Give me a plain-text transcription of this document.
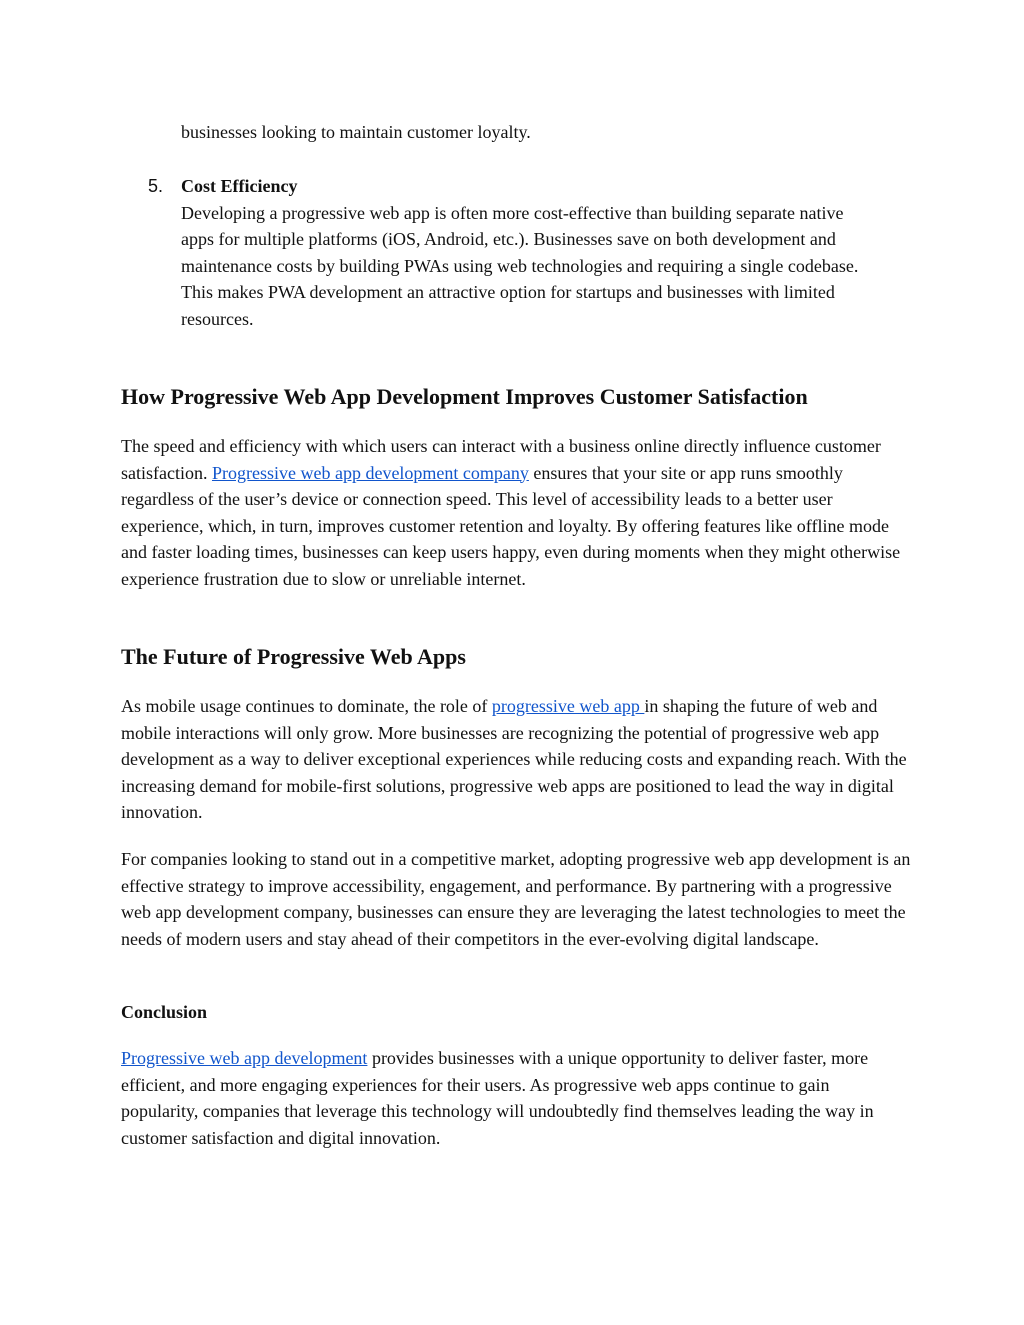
businesses looking to maintain customer loyalty.

5. Cost Efficiency
Developing a progressive web app is often more cost-effective than building separate native apps for multiple platforms (iOS, Android, etc.). Businesses save on both development and maintenance costs by building PWAs using web technologies and requiring a single codebase. This makes PWA development an attractive option for startups and businesses with limited resources.
How Progressive Web App Development Improves Customer Satisfaction

The speed and efficiency with which users can interact with a business online directly influence customer satisfaction. Progressive web app development company ensures that your site or app runs smoothly regardless of the user’s device or connection speed. This level of accessibility leads to a better user experience, which, in turn, improves customer retention and loyalty. By offering features like offline mode and faster loading times, businesses can keep users happy, even during moments when they might otherwise experience frustration due to slow or unreliable internet.

The Future of Progressive Web Apps

As mobile usage continues to dominate, the role of progressive web app in shaping the future of web and mobile interactions will only grow. More businesses are recognizing the potential of progressive web app development as a way to deliver exceptional experiences while reducing costs and expanding reach. With the increasing demand for mobile-first solutions, progressive web apps are positioned to lead the way in digital innovation.

For companies looking to stand out in a competitive market, adopting progressive web app development is an effective strategy to improve accessibility, engagement, and performance. By partnering with a progressive web app development company, businesses can ensure they are leveraging the latest technologies to meet the needs of modern users and stay ahead of their competitors in the ever-evolving digital landscape.

Conclusion

Progressive web app development provides businesses with a unique opportunity to deliver faster, more efficient, and more engaging experiences for their users. As progressive web apps continue to gain popularity, companies that leverage this technology will undoubtedly find themselves leading the way in customer satisfaction and digital innovation.
